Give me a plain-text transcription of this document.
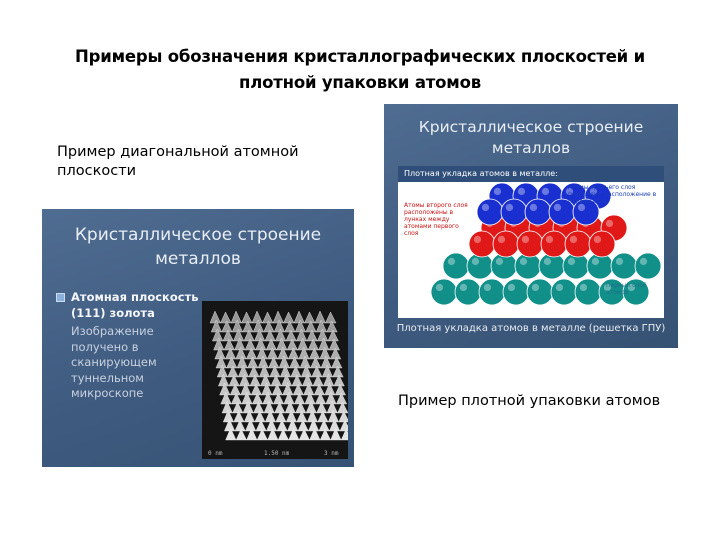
Примеры обозначения кристаллографических плоскостей и плотной упаковки атомов
Пример диагональной атомной плоскости
Кристаллическое строение металлов
Атомная плоскость (111) золота
Изображение получено в сканирующем туннельном микроскопе
0 nm	1.50 nm	3 nm
Кристаллическое строение металлов
Плотная укладка атомов в металле:
Атомы третьего слоя повторяют расположение в первом слое
Атомы второго слоя расположены в лунках между атомами первого слоя
Первый слой атомов
Плотная укладка атомов в металле (решетка ГПУ)
Пример плотной упаковки атомов
